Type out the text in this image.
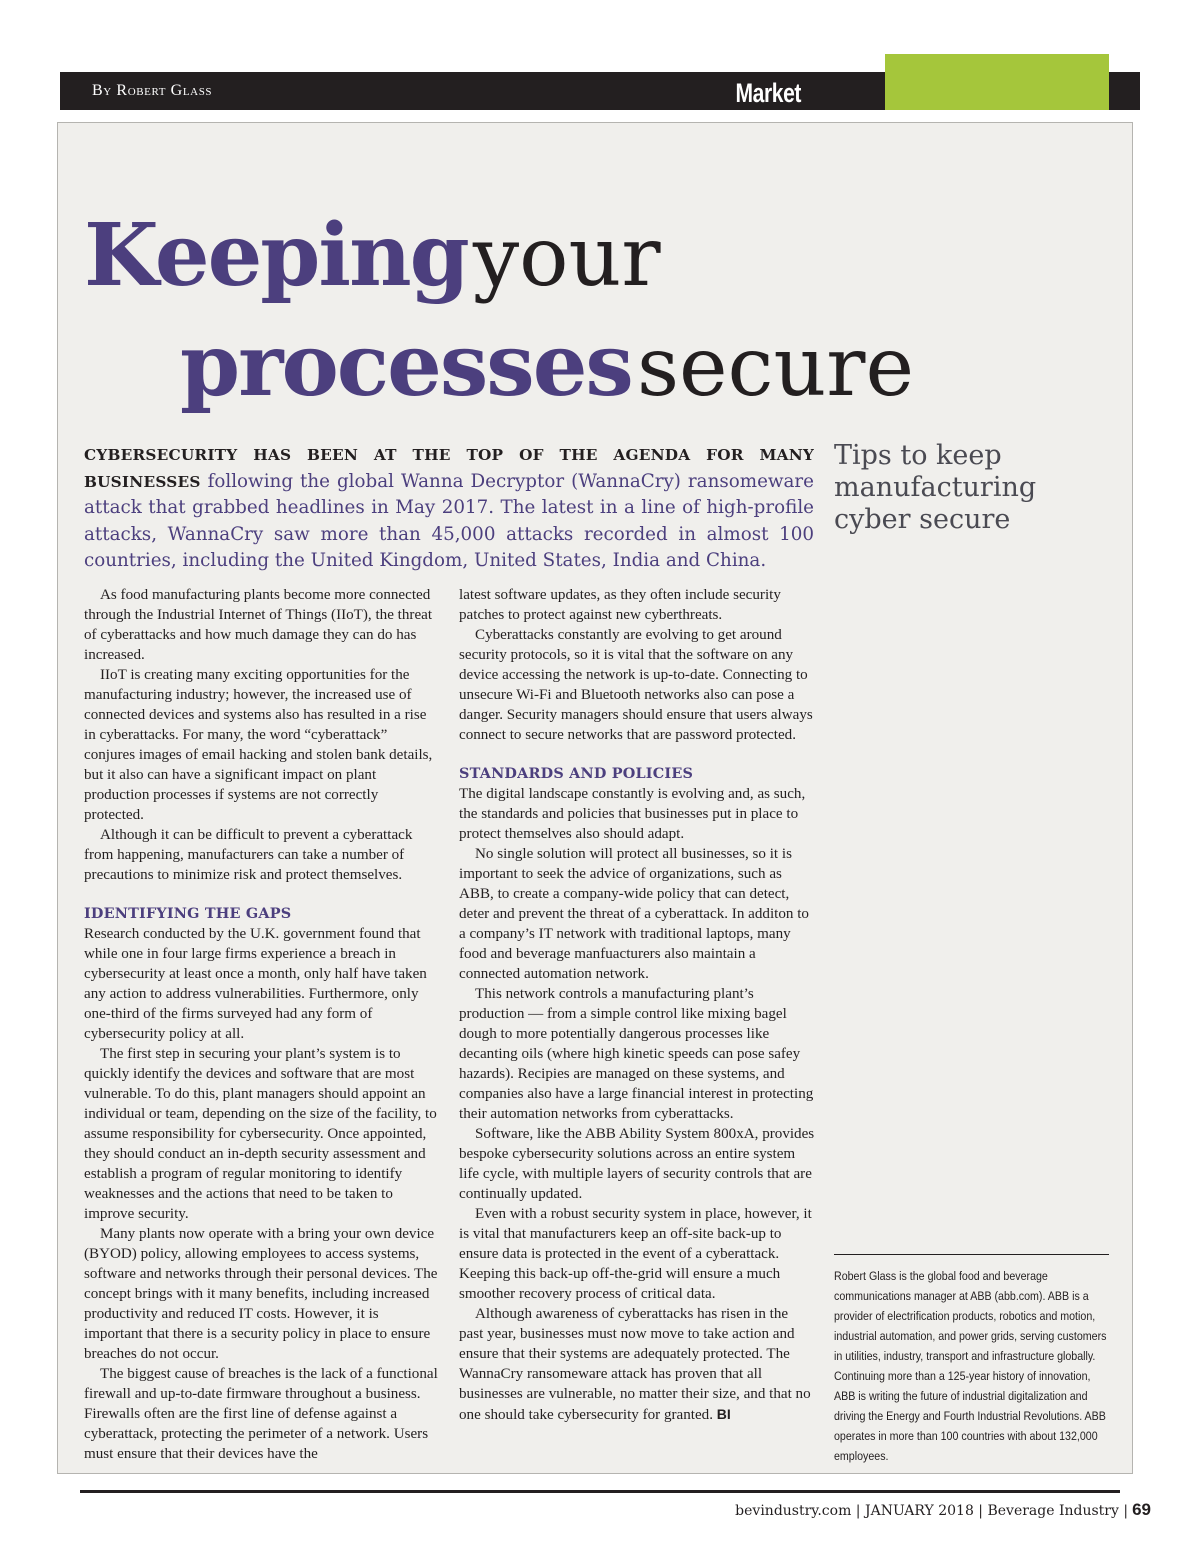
By Robert Glass	Market
Keeping your
processes secure
CYBERSECURITY HAS BEEN AT THE TOP OF THE AGENDA FOR MANY BUSINESSES following the global Wanna Decryptor (WannaCry) ransomeware attack that grabbed headlines in May 2017. The latest in a line of high-profile attacks, WannaCry saw more than 45,000 attacks recorded in almost 100 countries, including the United Kingdom, United States, India and China.
Tips to keep manufacturing cyber secure

As food manufacturing plants become more connected through the Industrial Internet of Things (IIoT), the threat of cyberattacks and how much damage they can do has increased.

IIoT is creating many exciting opportunities for the manufacturing industry; however, the increased use of connected devices and systems also has resulted in a rise in cyberattacks. For many, the word “cyberattack” conjures images of email hacking and stolen bank details, but it also can have a significant impact on plant production processes if systems are not correctly protected.

Although it can be difficult to prevent a cyberattack from happening, manufacturers can take a number of precautions to minimize risk and protect themselves.

IDENTIFYING THE GAPS

Research conducted by the U.K. government found that while one in four large firms experience a breach in cybersecurity at least once a month, only half have taken any action to address vulnerabilities. Furthermore, only one-third of the firms surveyed had any form of cybersecurity policy at all.

The first step in securing your plant’s system is to quickly identify the devices and software that are most vulnerable. To do this, plant managers should appoint an individual or team, depending on the size of the facility, to assume responsibility for cybersecurity. Once appointed, they should conduct an in-depth security assessment and establish a program of regular monitoring to identify weaknesses and the actions that need to be taken to improve security.

Many plants now operate with a bring your own device (BYOD) policy, allowing employees to access systems, software and networks through their personal devices. The concept brings with it many benefits, including increased productivity and reduced IT costs. However, it is important that there is a security policy in place to ensure breaches do not occur.

The biggest cause of breaches is the lack of a functional firewall and up-to-date firmware throughout a business. Firewalls often are the first line of defense against a cyberattack, protecting the perimeter of a network. Users must ensure that their devices have the

latest software updates, as they often include security patches to protect against new cyberthreats.

Cyberattacks constantly are evolving to get around security protocols, so it is vital that the software on any device accessing the network is up-to-date. Connecting to unsecure Wi-Fi and Bluetooth networks also can pose a danger. Security managers should ensure that users always connect to secure networks that are password protected.

STANDARDS AND POLICIES

The digital landscape constantly is evolving and, as such, the standards and policies that businesses put in place to protect themselves also should adapt.

No single solution will protect all businesses, so it is important to seek the advice of organizations, such as ABB, to create a company-wide policy that can detect, deter and prevent the threat of a cyberattack. In additon to a company’s IT network with traditional laptops, many food and beverage manfuacturers also maintain a connected automation network.

This network controls a manufacturing plant’s production — from a simple control like mixing bagel dough to more potentially dangerous processes like decanting oils (where high kinetic speeds can pose safey hazards). Recipies are managed on these systems, and companies also have a large financial interest in protecting their automation networks from cyberattacks.

Software, like the ABB Ability System 800xA, provides bespoke cybersecurity solutions across an entire system life cycle, with multiple layers of security controls that are continually updated.

Even with a robust security system in place, however, it is vital that manufacturers keep an off-site back-up to ensure data is protected in the event of a cyberattack. Keeping this back-up off-the-grid will ensure a much smoother recovery process of critical data.

Although awareness of cyberattacks has risen in the past year, businesses must now move to take action and ensure that their systems are adequately protected. The WannaCry ransomeware attack has proven that all businesses are vulnerable, no matter their size, and that no one should take cybersecurity for granted. BI

Robert Glass is the global food and beverage communications manager at ABB (abb.com). ABB is a provider of electrification products, robotics and motion, industrial automation, and power grids, serving customers in utilities, industry, transport and infrastructure globally. Continuing more than a 125-year history of innovation, ABB is writing the future of industrial digitalization and driving the Energy and Fourth Industrial Revolutions. ABB operates in more than 100 countries with about 132,000 employees.
bevindustry.com | JANUARY 2018 | Beverage Industry | 69
